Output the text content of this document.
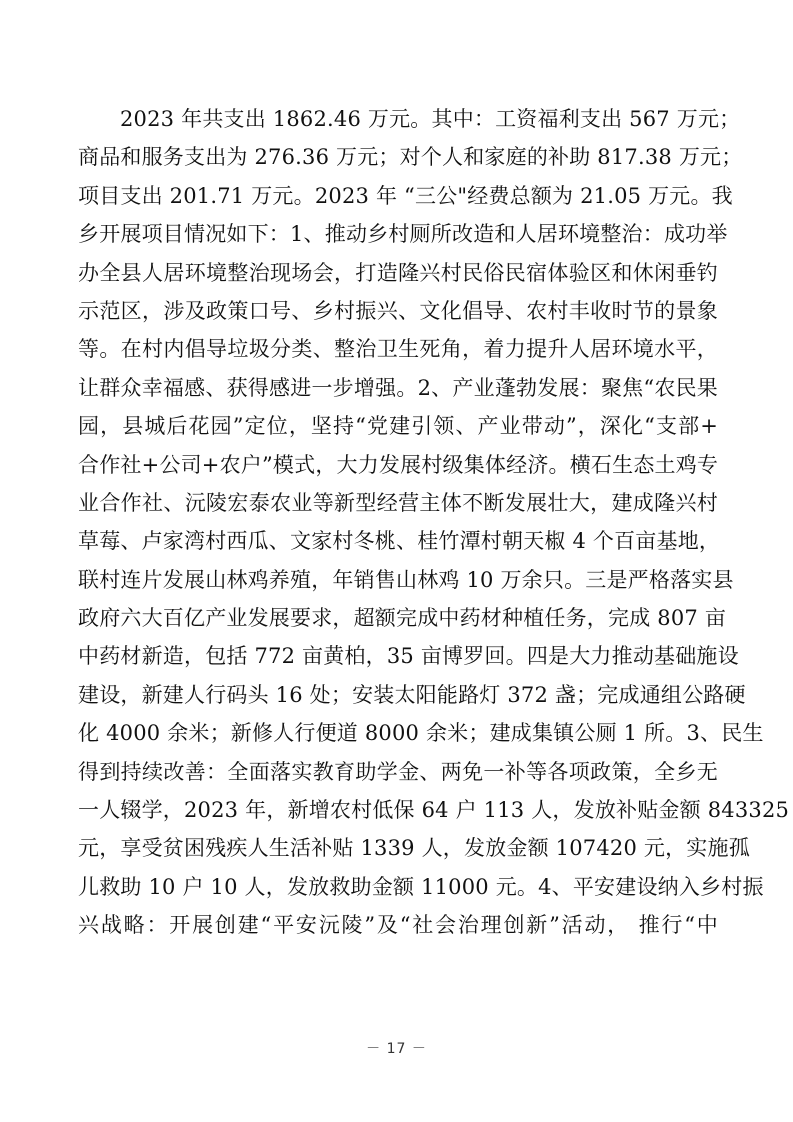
2023 年共支出 1862.46 万元。其中：工资福利支出 567 万元；
商品和服务支出为 276.36 万元；对个人和家庭的补助 817.38 万元；
项目支出 201.71 万元。2023 年 “三公"经费总额为 21.05 万元。我
乡开展项目情况如下：1、推动乡村厕所改造和人居环境整治：成功举
办全县人居环境整治现场会，打造隆兴村民俗民宿体验区和休闲垂钓
示范区，涉及政策口号、乡村振兴、文化倡导、农村丰收时节的景象
等。在村内倡导垃圾分类、整治卫生死角，着力提升人居环境水平，
让群众幸福感、获得感进一步增强。2、产业蓬勃发展：聚焦“农民果
园，县城后花园”定位，坚持“党建引领、产业带动”，深化“支部+
合作社+公司+农户”模式，大力发展村级集体经济。横石生态土鸡专
业合作社、沅陵宏泰农业等新型经营主体不断发展壮大，建成隆兴村
草莓、卢家湾村西瓜、文家村冬桃、桂竹潭村朝天椒 4 个百亩基地，
联村连片发展山林鸡养殖，年销售山林鸡 10 万余只。三是严格落实县
政府六大百亿产业发展要求，超额完成中药材种植任务，完成 807 亩
中药材新造，包括 772 亩黄柏，35 亩博罗回。四是大力推动基础施设
建设，新建人行码头 16 处；安装太阳能路灯 372 盏；完成通组公路硬
化 4000 余米；新修人行便道 8000 余米；建成集镇公厕 1 所。3、民生
得到持续改善：全面落实教育助学金、两免一补等各项政策，全乡无
一人辍学，2023 年，新增农村低保 64 户 113 人，发放补贴金额 843325
元，享受贫困残疾人生活补贴 1339 人，发放金额 107420 元，实施孤
儿救助 10 户 10 人，发放救助金额 11000 元。4、平安建设纳入乡村振
兴战略：开展创建“平安沅陵”及“社会治理创新”活动， 推行“中
－ 17 －
